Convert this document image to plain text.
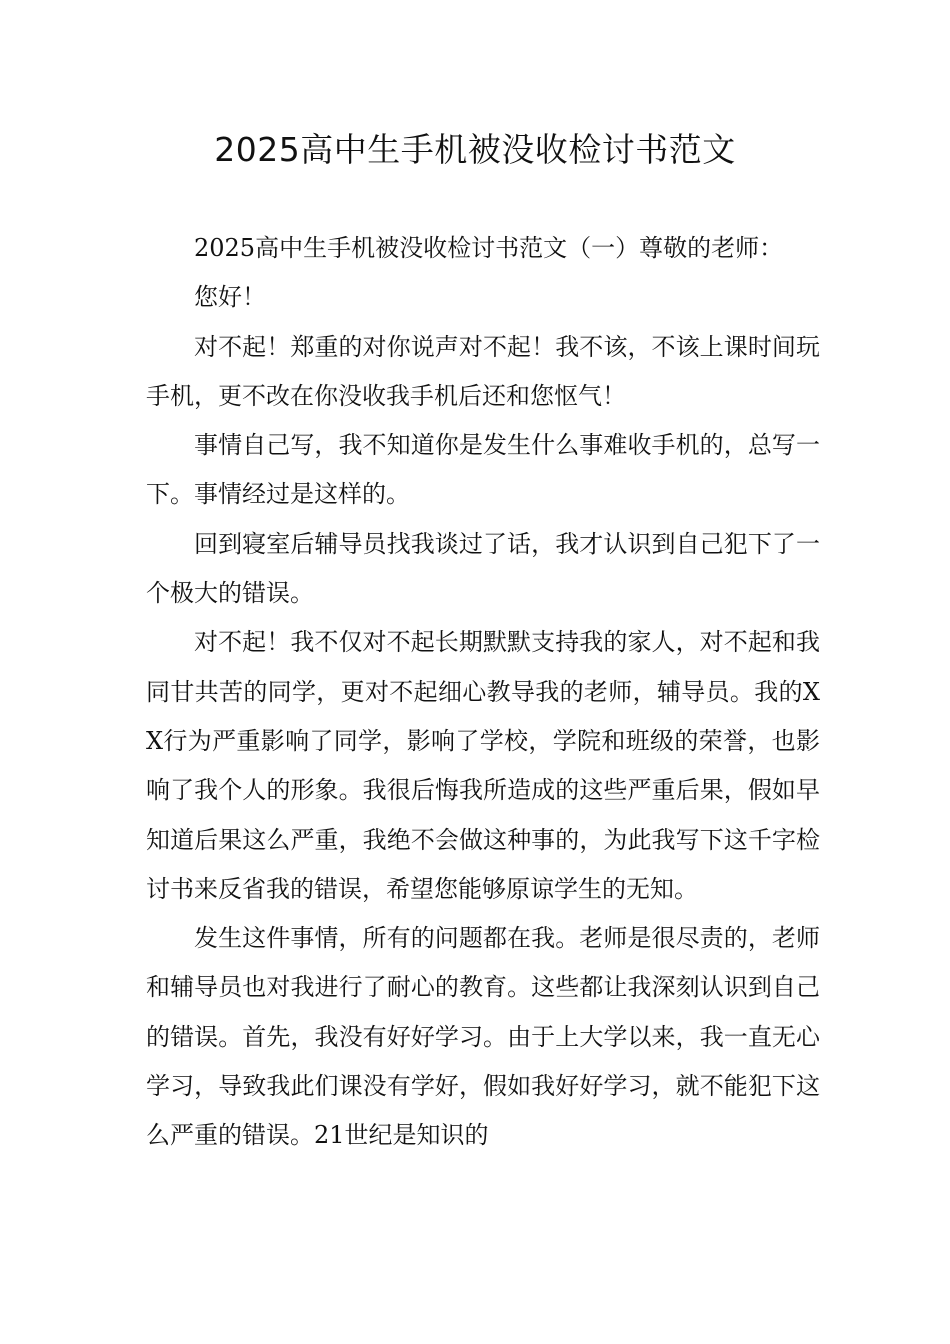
2025高中生手机被没收检讨书范文

2025高中生手机被没收检讨书范文（一）尊敬的老师：

您好！

对不起！郑重的对你说声对不起！我不该，不该上课时间玩手机，更不改在你没收我手机后还和您怄气！

事情自己写，我不知道你是发生什么事难收手机的，总写一下。事情经过是这样的。

回到寝室后辅导员找我谈过了话，我才认识到自己犯下了一个极大的错误。

对不起！我不仅对不起长期默默支持我的家人，对不起和我同甘共苦的同学，更对不起细心教导我的老师，辅导员。我的XX行为严重影响了同学，影响了学校，学院和班级的荣誉，也影响了我个人的形象。我很后悔我所造成的这些严重后果，假如早知道后果这么严重，我绝不会做这种事的，为此我写下这千字检讨书来反省我的错误，希望您能够原谅学生的无知。

发生这件事情，所有的问题都在我。老师是很尽责的，老师和辅导员也对我进行了耐心的教育。这些都让我深刻认识到自己的错误。首先，我没有好好学习。由于上大学以来，我一直无心学习，导致我此们课没有学好，假如我好好学习，就不能犯下这么严重的错误。21世纪是知识的
